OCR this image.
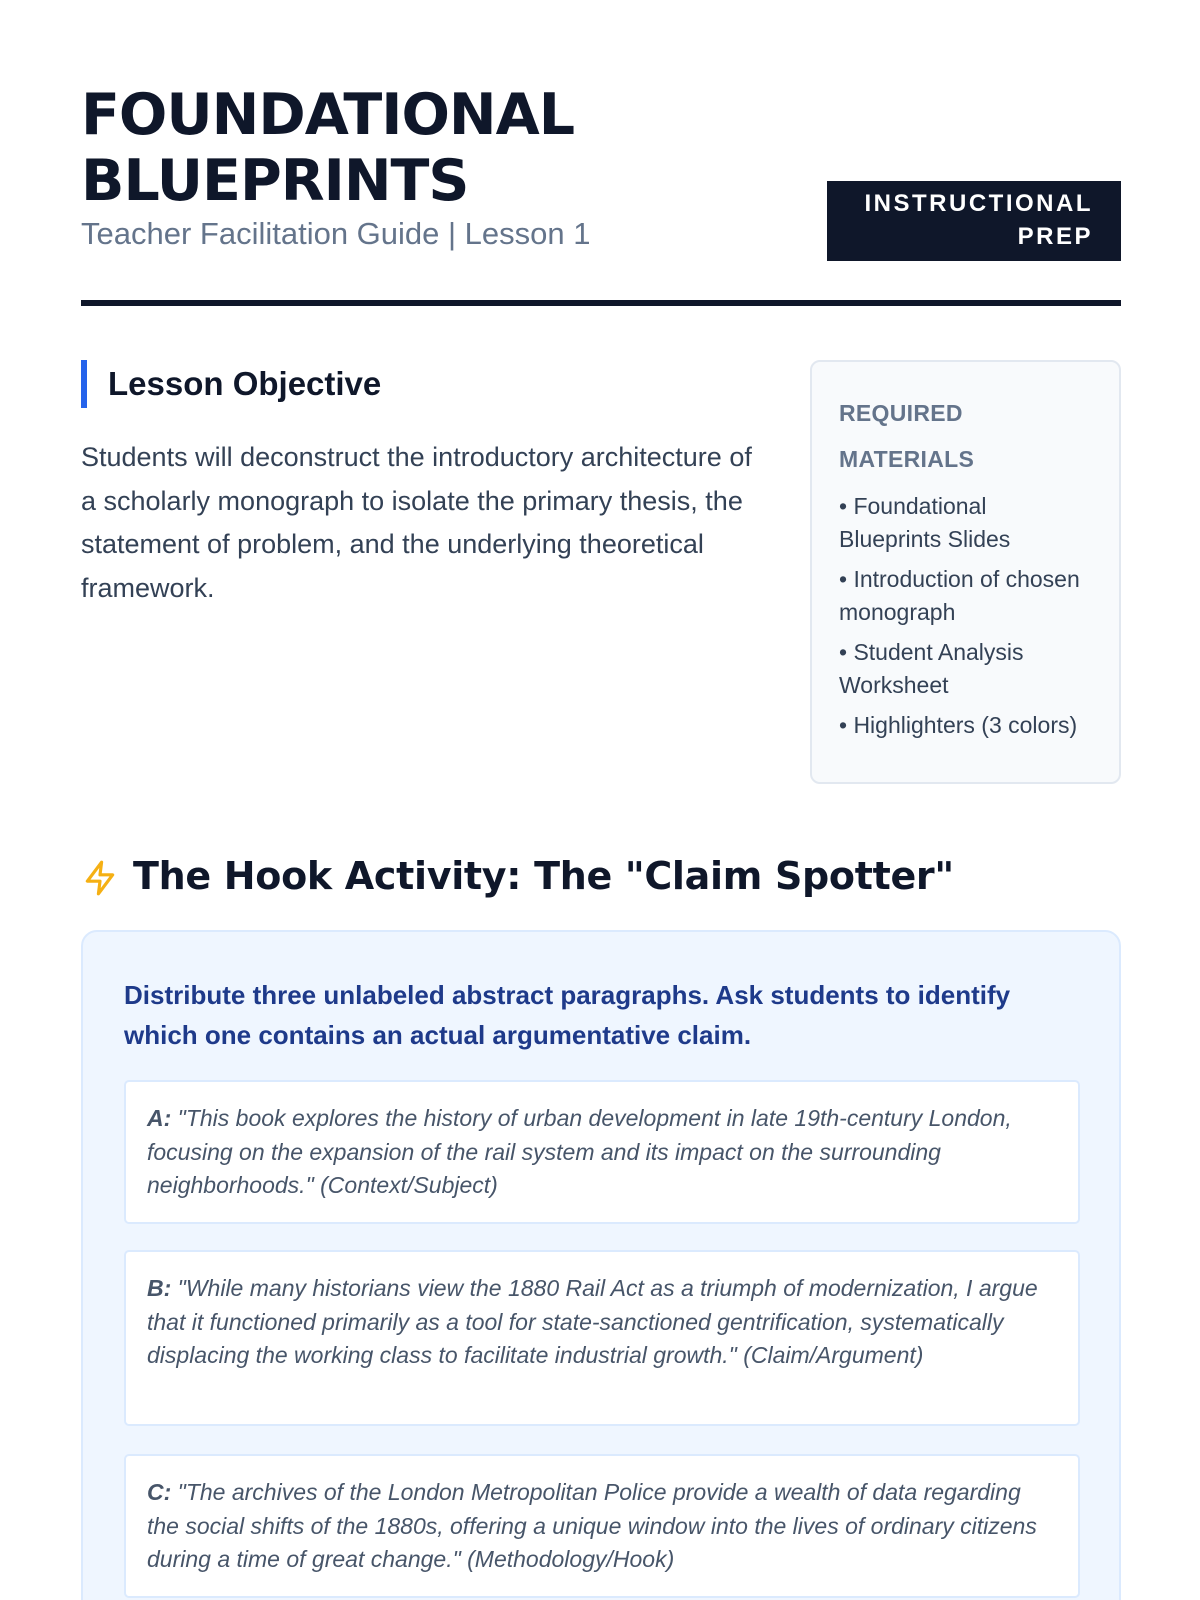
FOUNDATIONAL
BLUEPRINTS
Teacher Facilitation Guide | Lesson 1
INSTRUCTIONAL
PREP
Lesson Objective

Students will deconstruct the introductory architecture of a scholarly monograph to isolate the primary thesis, the statement of problem, and the underlying theoretical framework.

REQUIRED MATERIALS
• Foundational Blueprints Slides
• Introduction of chosen monograph
• Student Analysis Worksheet
• Highlighters (3 colors)
The Hook Activity: The "Claim Spotter"

Distribute three unlabeled abstract paragraphs. Ask students to identify which one contains an actual argumentative claim.

A: "This book explores the history of urban development in late 19th-century London, focusing on the expansion of the rail system and its impact on the surrounding neighborhoods." (Context/Subject)
B: "While many historians view the 1880 Rail Act as a triumph of modernization, I argue that it functioned primarily as a tool for state-sanctioned gentrification, systematically displacing the working class to facilitate industrial growth." (Claim/Argument)
C: "The archives of the London Metropolitan Police provide a wealth of data regarding the social shifts of the 1880s, offering a unique window into the lives of ordinary citizens during a time of great change." (Methodology/Hook)
